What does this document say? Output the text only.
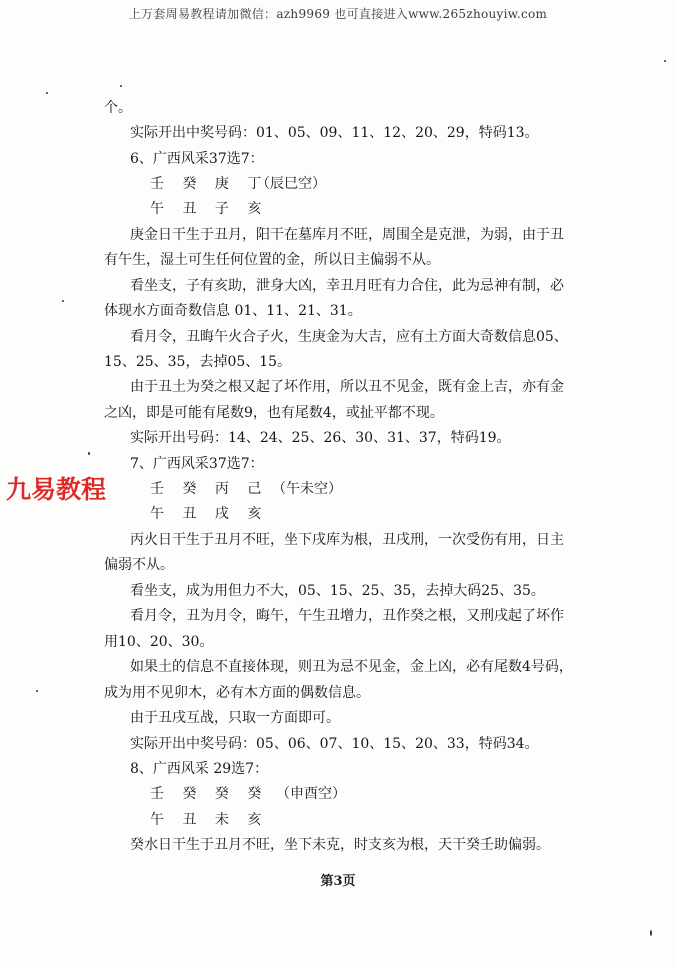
上万套周易教程请加微信：azh9969 也可直接进入www.265zhouyiw.com
个。
实际开出中奖号码：01、05、09、11、12、20、29，特码13。
6、广西风采37选7：
壬 癸 庚 丁
（辰巳空）
午 丑 子 亥
庚金日干生于丑月，阳干在墓库月不旺，周围全是克泄，为弱，由于丑
有午生，湿土可生任何位置的金，所以日主偏弱不从。
看坐支，子有亥助，泄身大凶，幸丑月旺有力合住，此为忌神有制，必
体现水方面奇数信息 01、11、21、31。
看月令，丑晦午火合子火，生庚金为大吉，应有土方面大奇数信息05、
15、25、35，去掉05、15。
由于丑土为癸之根又起了坏作用，所以丑不见金，既有金上吉，亦有金
之凶，即是可能有尾数9，也有尾数4，或扯平都不现。
实际开出号码：14、24、25、26、30、31、37，特码19。
7、广西风采37选7：
壬 癸 丙 己 （午未空）
午 丑 戌 亥
丙火日干生于丑月不旺，坐下戌库为根，丑戌刑，一次受伤有用，日主
偏弱不从。
看坐支，成为用但力不大，05、15、25、35，去掉大码25、35。
看月令，丑为月令，晦午，午生丑增力，丑作癸之根，又刑戌起了坏作
用10、20、30。
如果土的信息不直接体现，则丑为忌不见金，金上凶，必有尾数4号码，
成为用不见卯木，必有木方面的偶数信息。
由于丑戌互战，只取一方面即可。
实际开出中奖号码：05、06、07、10、15、20、33，特码34。
8、广西风采 29选7：
壬 癸 癸 癸 （申酉空）
午 丑 未 亥
癸水日干生于丑月不旺，坐下未克，时支亥为根，天干癸壬助偏弱。
九易教程
第3页
